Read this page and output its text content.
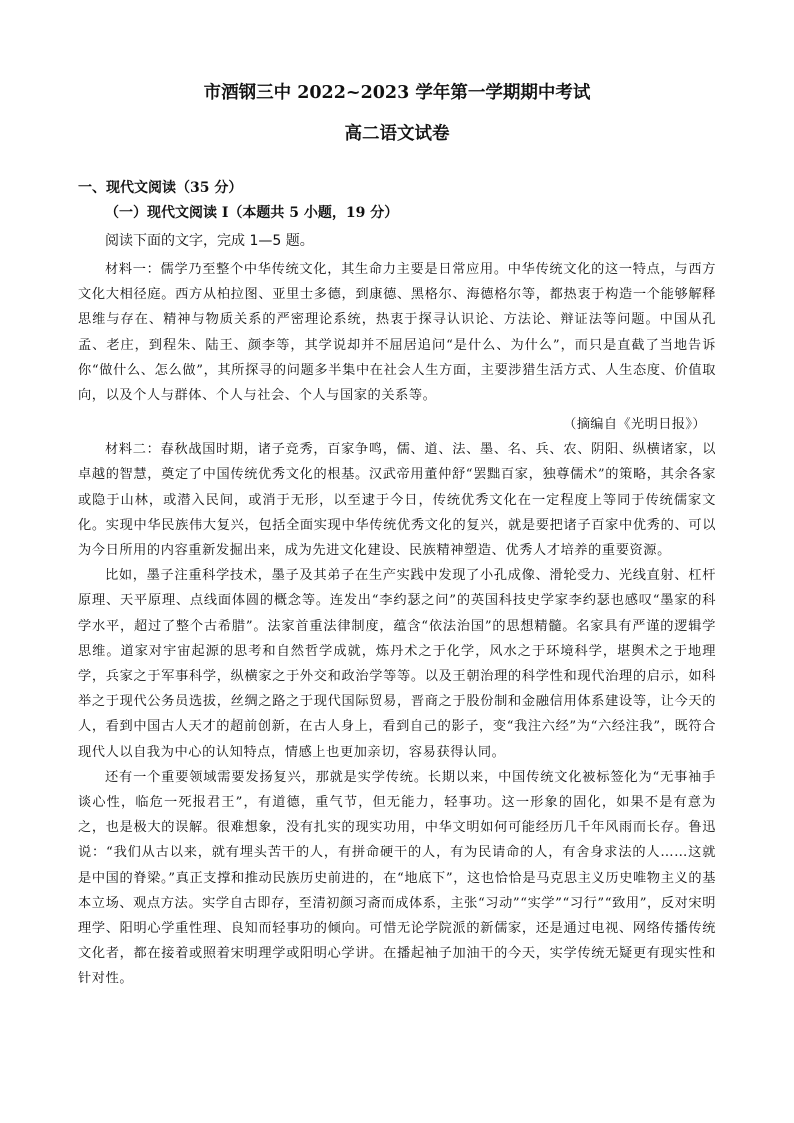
市酒钢三中 2022~2023 学年第一学期期中考试
高二语文试卷
一、现代文阅读（35 分）
（一）现代文阅读 I（本题共 5 小题，19 分）
阅读下面的文字，完成 1—5 题。

材料一：儒学乃至整个中华传统文化，其生命力主要是日常应用。中华传统文化的这一特点，与西方文化大相径庭。西方从柏拉图、亚里士多德，到康德、黑格尔、海德格尔等，都热衷于构造一个能够解释思维与存在、精神与物质关系的严密理论系统，热衷于探寻认识论、方法论、辩证法等问题。中国从孔孟、老庄，到程朱、陆王、颜李等，其学说却并不屈居追问“是什么、为什么”，而只是直截了当地告诉你“做什么、怎么做”，其所探寻的问题多半集中在社会人生方面，主要涉猎生活方式、人生态度、价值取向，以及个人与群体、个人与社会、个人与国家的关系等。

（摘编自《光明日报》）

材料二：春秋战国时期，诸子竞秀，百家争鸣，儒、道、法、墨、名、兵、农、阴阳、纵横诸家，以卓越的智慧，奠定了中国传统优秀文化的根基。汉武帝用董仲舒“罢黜百家，独尊儒术”的策略，其余各家或隐于山林，或潜入民间，或消于无形，以至逮于今日，传统优秀文化在一定程度上等同于传统儒家文化。实现中华民族伟大复兴，包括全面实现中华传统优秀文化的复兴，就是要把诸子百家中优秀的、可以为今日所用的内容重新发掘出来，成为先进文化建设、民族精神塑造、优秀人才培养的重要资源。

比如，墨子注重科学技术，墨子及其弟子在生产实践中发现了小孔成像、滑轮受力、光线直射、杠杆原理、天平原理、点线面体圆的概念等。连发出“李约瑟之问”的英国科技史学家李约瑟也感叹“墨家的科学水平，超过了整个古希腊”。法家首重法律制度，蕴含“依法治国”的思想精髓。名家具有严谨的逻辑学思维。道家对宇宙起源的思考和自然哲学成就，炼丹术之于化学，风水之于环境科学，堪舆术之于地理学，兵家之于军事科学，纵横家之于外交和政治学等等。以及王朝治理的科学性和现代治理的启示，如科举之于现代公务员选拔，丝绸之路之于现代国际贸易，晋商之于股份制和金融信用体系建设等，让今天的人，看到中国古人天才的超前创新，在古人身上，看到自己的影子，变“我注六经”为“六经注我”，既符合现代人以自我为中心的认知特点，情感上也更加亲切，容易获得认同。

还有一个重要领域需要发扬复兴，那就是实学传统。长期以来，中国传统文化被标签化为“无事袖手谈心性，临危一死报君王”，有道德，重气节，但无能力，轻事功。这一形象的固化，如果不是有意为之，也是极大的误解。很难想象，没有扎实的现实功用，中华文明如何可能经历几千年风雨而长存。鲁迅说：“我们从古以来，就有埋头苦干的人，有拼命硬干的人，有为民请命的人，有舍身求法的人……这就是中国的脊梁。”真正支撑和推动民族历史前进的，在“地底下”，这也恰恰是马克思主义历史唯物主义的基本立场、观点方法。实学自古即存，至清初颜习斋而成体系，主张“习动”“实学”“习行”“致用”，反对宋明理学、阳明心学重性理、良知而轻事功的倾向。可惜无论学院派的新儒家，还是通过电视、网络传播传统文化者，都在接着或照着宋明理学或阳明心学讲。在播起袖子加油干的今天，实学传统无疑更有现实性和针对性。
